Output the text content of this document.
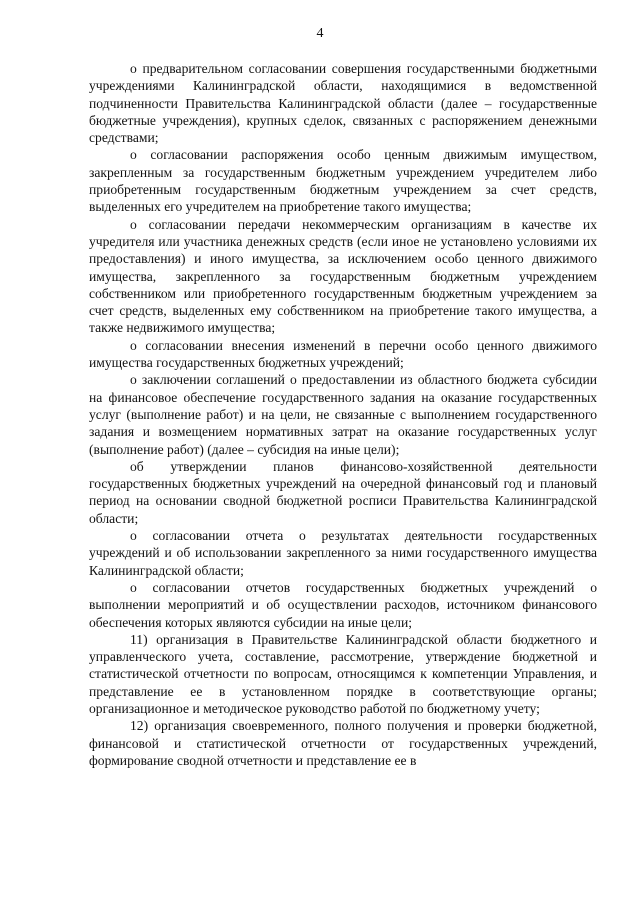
4

о предварительном согласовании совершения государственными бюджетными учреждениями Калининградской области, находящимися в ведомственной подчиненности Правительства Калининградской области (далее – государственные бюджетные учреждения), крупных сделок, связанных с распоряжением денежными средствами;

о согласовании распоряжения особо ценным движимым имуществом, закрепленным за государственным бюджетным учреждением учредителем либо приобретенным государственным бюджетным учреждением за счет средств, выделенных его учредителем на приобретение такого имущества;

о согласовании передачи некоммерческим организациям в качестве их учредителя или участника денежных средств (если иное не установлено условиями их предоставления) и иного имущества, за исключением особо ценного движимого имущества, закрепленного за государственным бюджетным учреждением собственником или приобретенного государственным бюджетным учреждением за счет средств, выделенных ему собственником на приобретение такого имущества, а также недвижимого имущества;

о согласовании внесения изменений в перечни особо ценного движимого имущества государственных бюджетных учреждений;

о заключении соглашений о предоставлении из областного бюджета субсидии на финансовое обеспечение государственного задания на оказание государственных услуг (выполнение работ) и на цели, не связанные с выполнением государственного задания и возмещением нормативных затрат на оказание государственных услуг (выполнение работ) (далее – субсидия на иные цели);

об утверждении планов финансово-хозяйственной деятельности государственных бюджетных учреждений на очередной финансовый год и плановый период на основании сводной бюджетной росписи Правительства Калининградской области;

о согласовании отчета о результатах деятельности государственных учреждений и об использовании закрепленного за ними государственного имущества Калининградской области;

о согласовании отчетов государственных бюджетных учреждений о выполнении мероприятий и об осуществлении расходов, источником финансового обеспечения которых являются субсидии на иные цели;

11) организация в Правительстве Калининградской области бюджетного и управленческого учета, составление, рассмотрение, утверждение бюджетной и статистической отчетности по вопросам, относящимся к компетенции Управления, и представление ее в установленном порядке в соответствующие органы; организационное и методическое руководство работой по бюджетному учету;

12) организация своевременного, полного получения и проверки бюджетной, финансовой и статистической отчетности от государственных учреждений, формирование сводной отчетности и представление ее в
